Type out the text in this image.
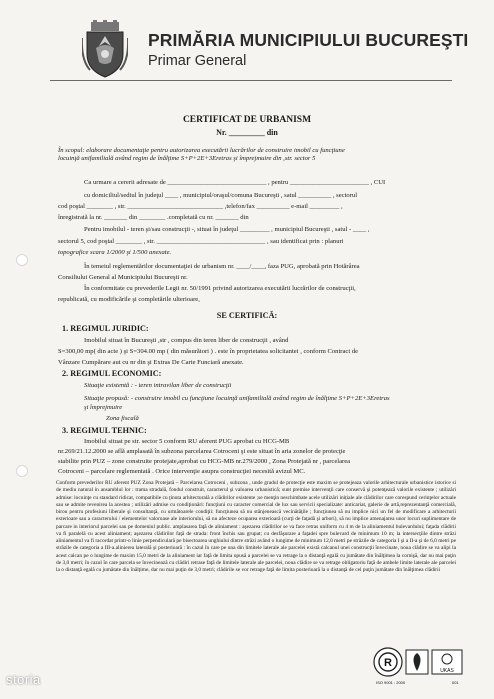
PRIMĂRIA MUNICIPIULUI BUCUREŞTI
Primar General
CERTIFICAT DE URBANISM
Nr. _________ din
În scopul: elaborare documentaţie pentru autorizarea executării lucrărilor de construire imobil cu funcţiune
locuinţă unifamilială având regim de înălţime S+P+2E+3Eretras şi împrejmuire din ,str. sector 5
Ca urmare a cererii adresate de ______________________________ , pentru ________________________ , CUI
cu domiciliul/sediul în judeţul ____ , municipiul/oraşul/comuna Bucureşti , satul __________ , sectorul
cod poştal ________ , str. _____________________________ ,telefon/fax __________ e-mail _________ ,
înregistrată la nr. _______ din ________ .completată cu nr. _______ din
Pentru imobilul - teren şi/sau construcţii -, situat în judeţul _________ , municipiul Bucureşti , satul - ____ ,
sectorul 5, cod poştal ________ , str. _________________________________ , sau identificat prin : planuri
topografice scara 1/2000 şi 1/500 anexate.
În temeiul reglementărilor documentaţiei de urbanism nr. ____/____, faza PUG, aprobată prin Hotărârea
Consiliului General al Municipiului Bucureşti nr.
În conformitate cu prevederile Legii nr. 50/1991 privind autorizarea executării lucrărilor de construcţii,
republicată, cu modificările şi completările ulterioare,
SE CERTIFICĂ:
1. REGIMUL JURIDIC:
Imobilul situat în Bucureşti ,str , compus din teren liber de construcţii , având
S=300,00 mp( din acte ) şi S=304.00 mp ( din măsurători ) . este în proprietatea solicitantei , conform Contract de
Vânzare Cumpărare aut cu nr din şi Extras De Carte Funciară anexate.
2. REGIMUL ECONOMIC:
Situaţie existentă : - teren intravilan liber de construcţii
Situaţie propusă: - construire imobil cu funcţiune locuinţă unifamilială având regim de înălţime S+P+2E+3Eretras
şi împrejmuire
Zona fiscală
3. REGIMUL TEHNIC:
Imobilul situat pe str. sector 5 conform RU aferent PUG aprobat cu HCG-MB
nr.269/21.12.2000 se află amplasată în subzona parcelarea Cotroceni şi este situat în aria zonelor de protecţie
stabilite prin PUZ – zone construite protejate,aprobat cu HCG-MB nr.279/2000 , Zona Protejată nr , parcelarea
Cotroceni – parcelare reglementată . Orice intervenţie asupra construcţiei necesită avizul MC.
Conform prevederilor RU aferent PUZ Zona Protejată – Parcelarea Cotroceni , subzona , unde gradul de protecţie este maxim se protejeaza valorile arhitecturale urbanistice istorice si de mediu natural in ansamblul lor : trama stradală, fondul construit, caracterul şi valoarea urbanistică; sunt premise intervenţii care conservă şi potenţează valorile existente ; utilizări admise: locuinţe cu standard ridicat, compatibile cu ţinuta arhitecturală a clădirilor existente ;se menţin neschimbate acele utilizări inițiale ale clădirilor care corespund cerinţelor actuale sau se admite revenirea la acestea ; utilizări admise cu condiţionări: funcţiuni cu caracter comercial de lux sau servicii specializate: anticariat, galerie de artă,reprezentanţă comercială, birou pentru profesiuni liberale şi consultanţă, cu următoarele condiţii: funcţiunea să nu stânjenească vecinătăţile ; funcţiunea să nu implice nici un fel de modificare a arhitecturii exterioare sau a caracterului / elementelor valoroase ale interiorului, să nu afecteze ocuparea exterioară (curţi de faţadă şi arbori), să nu implice amenajarea unor locuri suplimentare de parcare in interiorul parcelei sau pe domeniul public. amplasarea faţă de aliniament : aşezarea clădirilor se va face retras uniform cu 4 m de la aliniamentul bulevardului; faţada clădirii va fi paralelă cu acest aliniament; aşezarea clădirilor faţă de strada: front închis sau grupat; cu desfăşurare a faţadei spre bulevard de minimum 10 m; la intersecţiile dintre străzi aliniamentul va fi racordat printr-o linie perpendiculară pe bisectoarea unghiului dintre străzi având o lungime de minimum 12,0 metri pe străzile de categoria I şi a II-a şi de 6,0 metri pe străzile de categoria a III-a.alinierea laterală şi posterioară : în cazul în care pe una din limitele laterale ale parcelei există calcanul unei construcţii învecinate, noua clădire se va alipi la acest calcan pe o lungime de maxim 15,0 metri de la aliniament iar faţă de limita opusă a parcelei se va retrage la o distanţă egală cu jumătate din înălţimea la cornişă, dar nu mai puţin de 3,0 metri; în cazul în care parcela se învecinează cu clădiri retrase faţă de limitele laterale ale parcelei, noua clădire se va retrage obligatoriu faţă de ambele limite laterale ale parcelei la o distanţă egală cu jumătate din înălţime, dar nu mai puţin de 3,0 metri; clădirile se vor retrage faţă de limita posterioară la o distanţă de cel puţin jumătate din înălţimea clădirii
R
UKAS
ISO 9001 : 2000	001
storia
